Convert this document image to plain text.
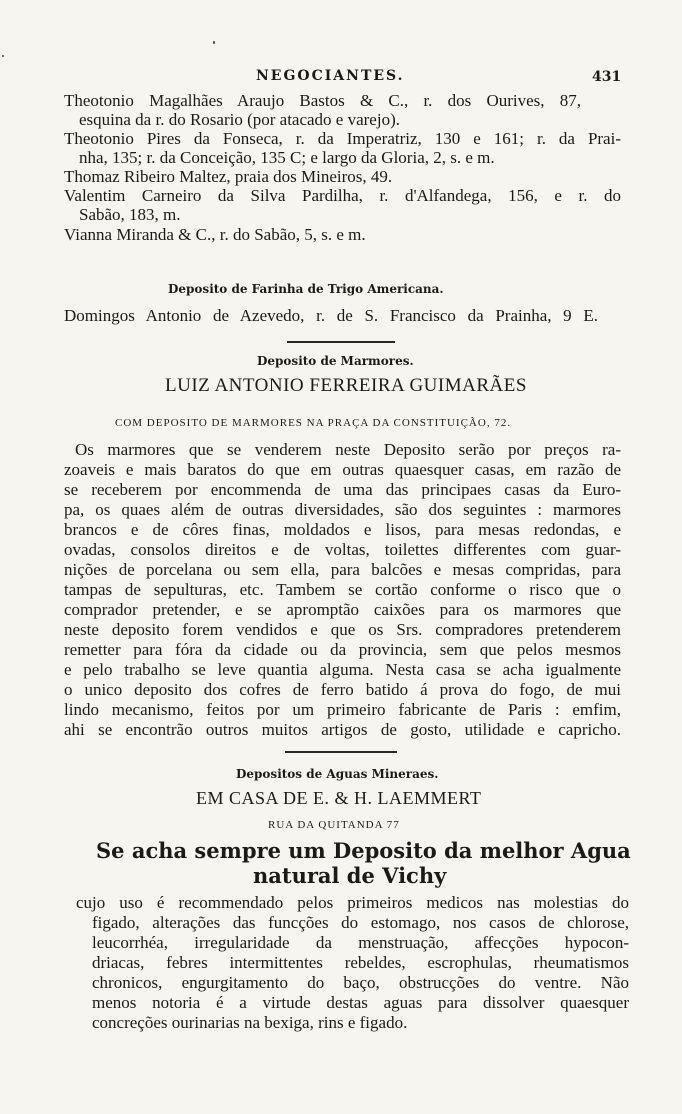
NEGOCIANTES.	431
Theotonio Magalhães Araujo Bastos & C., r. dos Ourives, 87,
esquina da r. do Rosario (por atacado e varejo).
Theotonio Pires da Fonseca, r. da Imperatriz, 130 e 161; r. da Prai-
nha, 135; r. da Conceição, 135 C; e largo da Gloria, 2, s. e m.
Thomaz Ribeiro Maltez, praia dos Mineiros, 49.
Valentim Carneiro da Silva Pardilha, r. d'Alfandega, 156, e r. do
Sabão, 183, m.
Vianna Miranda & C., r. do Sabão, 5, s. e m.
Deposito de Farinha de Trigo Americana.
Domingos Antonio de Azevedo, r. de S. Francisco da Prainha, 9 E.
Deposito de Marmores.
LUIZ ANTONIO FERREIRA GUIMARÃES
COM DEPOSITO DE MARMORES NA PRAÇA DA CONSTITUIÇÃO, 72.
Os marmores que se venderem neste Deposito serão por preços ra-
zoaveis e mais baratos do que em outras quaesquer casas, em razão de
se receberem por encommenda de uma das principaes casas da Euro-
pa, os quaes além de outras diversidades, são dos seguintes : marmores
brancos e de côres finas, moldados e lisos, para mesas redondas, e
ovadas, consolos direitos e de voltas, toilettes differentes com guar-
nições de porcelana ou sem ella, para balcões e mesas compridas, para
tampas de sepulturas, etc. Tambem se cortão conforme o risco que o
comprador pretender, e se apromptão caixões para os marmores que
neste deposito forem vendidos e que os Srs. compradores pretenderem
remetter para fóra da cidade ou da provincia, sem que pelos mesmos
e pelo trabalho se leve quantia alguma. Nesta casa se acha igualmente
o unico deposito dos cofres de ferro batido á prova do fogo, de mui
lindo mecanismo, feitos por um primeiro fabricante de Paris : emfim,
ahi se encontrão outros muitos artigos de gosto, utilidade e capricho.
Depositos de Aguas Mineraes.
EM CASA DE E. & H. LAEMMERT
RUA DA QUITANDA 77
Se acha sempre um Deposito da melhor Agua
natural de Vichy
cujo uso é recommendado pelos primeiros medicos nas molestias do
figado, alterações das funcções do estomago, nos casos de chlorose,
leucorrhéa, irregularidade da menstruação, affecções hypocon-
driacas, febres intermittentes rebeldes, escrophulas, rheumatismos
chronicos, engurgitamento do baço, obstrucções do ventre. Não
menos notoria é a virtude destas aguas para dissolver quaesquer
concreções ourinarias na bexiga, rins e figado.
